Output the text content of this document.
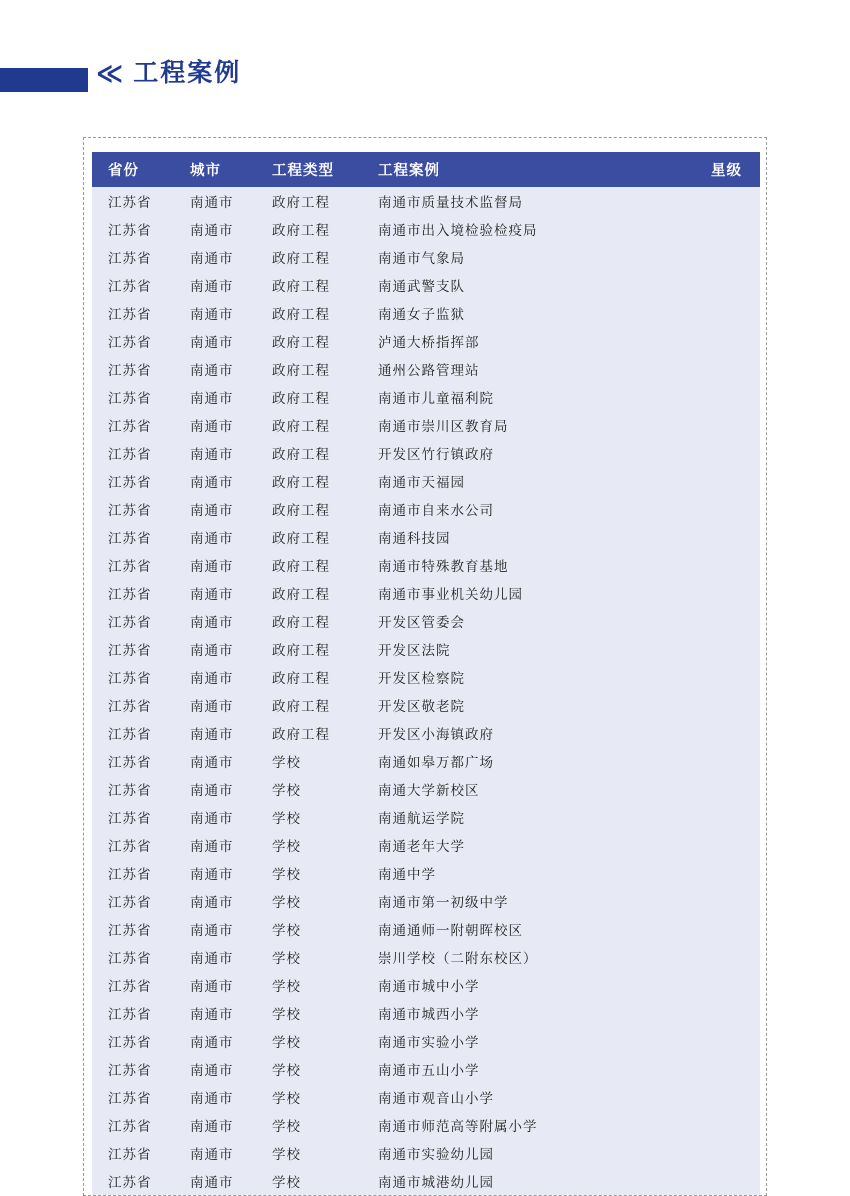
≪ 工程案例
省份	城市	工程类型	工程案例	星级
江苏省	南通市	政府工程	南通市质量技术监督局	
江苏省	南通市	政府工程	南通市出入境检验检疫局	
江苏省	南通市	政府工程	南通市气象局	
江苏省	南通市	政府工程	南通武警支队	
江苏省	南通市	政府工程	南通女子监狱	
江苏省	南通市	政府工程	泸通大桥指挥部	
江苏省	南通市	政府工程	通州公路管理站	
江苏省	南通市	政府工程	南通市儿童福利院	
江苏省	南通市	政府工程	南通市崇川区教育局	
江苏省	南通市	政府工程	开发区竹行镇政府	
江苏省	南通市	政府工程	南通市天福园	
江苏省	南通市	政府工程	南通市自来水公司	
江苏省	南通市	政府工程	南通科技园	
江苏省	南通市	政府工程	南通市特殊教育基地	
江苏省	南通市	政府工程	南通市事业机关幼儿园	
江苏省	南通市	政府工程	开发区管委会	
江苏省	南通市	政府工程	开发区法院	
江苏省	南通市	政府工程	开发区检察院	
江苏省	南通市	政府工程	开发区敬老院	
江苏省	南通市	政府工程	开发区小海镇政府	
江苏省	南通市	学校	南通如皋万都广场	
江苏省	南通市	学校	南通大学新校区	
江苏省	南通市	学校	南通航运学院	
江苏省	南通市	学校	南通老年大学	
江苏省	南通市	学校	南通中学	
江苏省	南通市	学校	南通市第一初级中学	
江苏省	南通市	学校	南通通师一附朝晖校区	
江苏省	南通市	学校	崇川学校（二附东校区）	
江苏省	南通市	学校	南通市城中小学	
江苏省	南通市	学校	南通市城西小学	
江苏省	南通市	学校	南通市实验小学	
江苏省	南通市	学校	南通市五山小学	
江苏省	南通市	学校	南通市观音山小学	
江苏省	南通市	学校	南通市师范高等附属小学	
江苏省	南通市	学校	南通市实验幼儿园	
江苏省	南通市	学校	南通市城港幼儿园	
